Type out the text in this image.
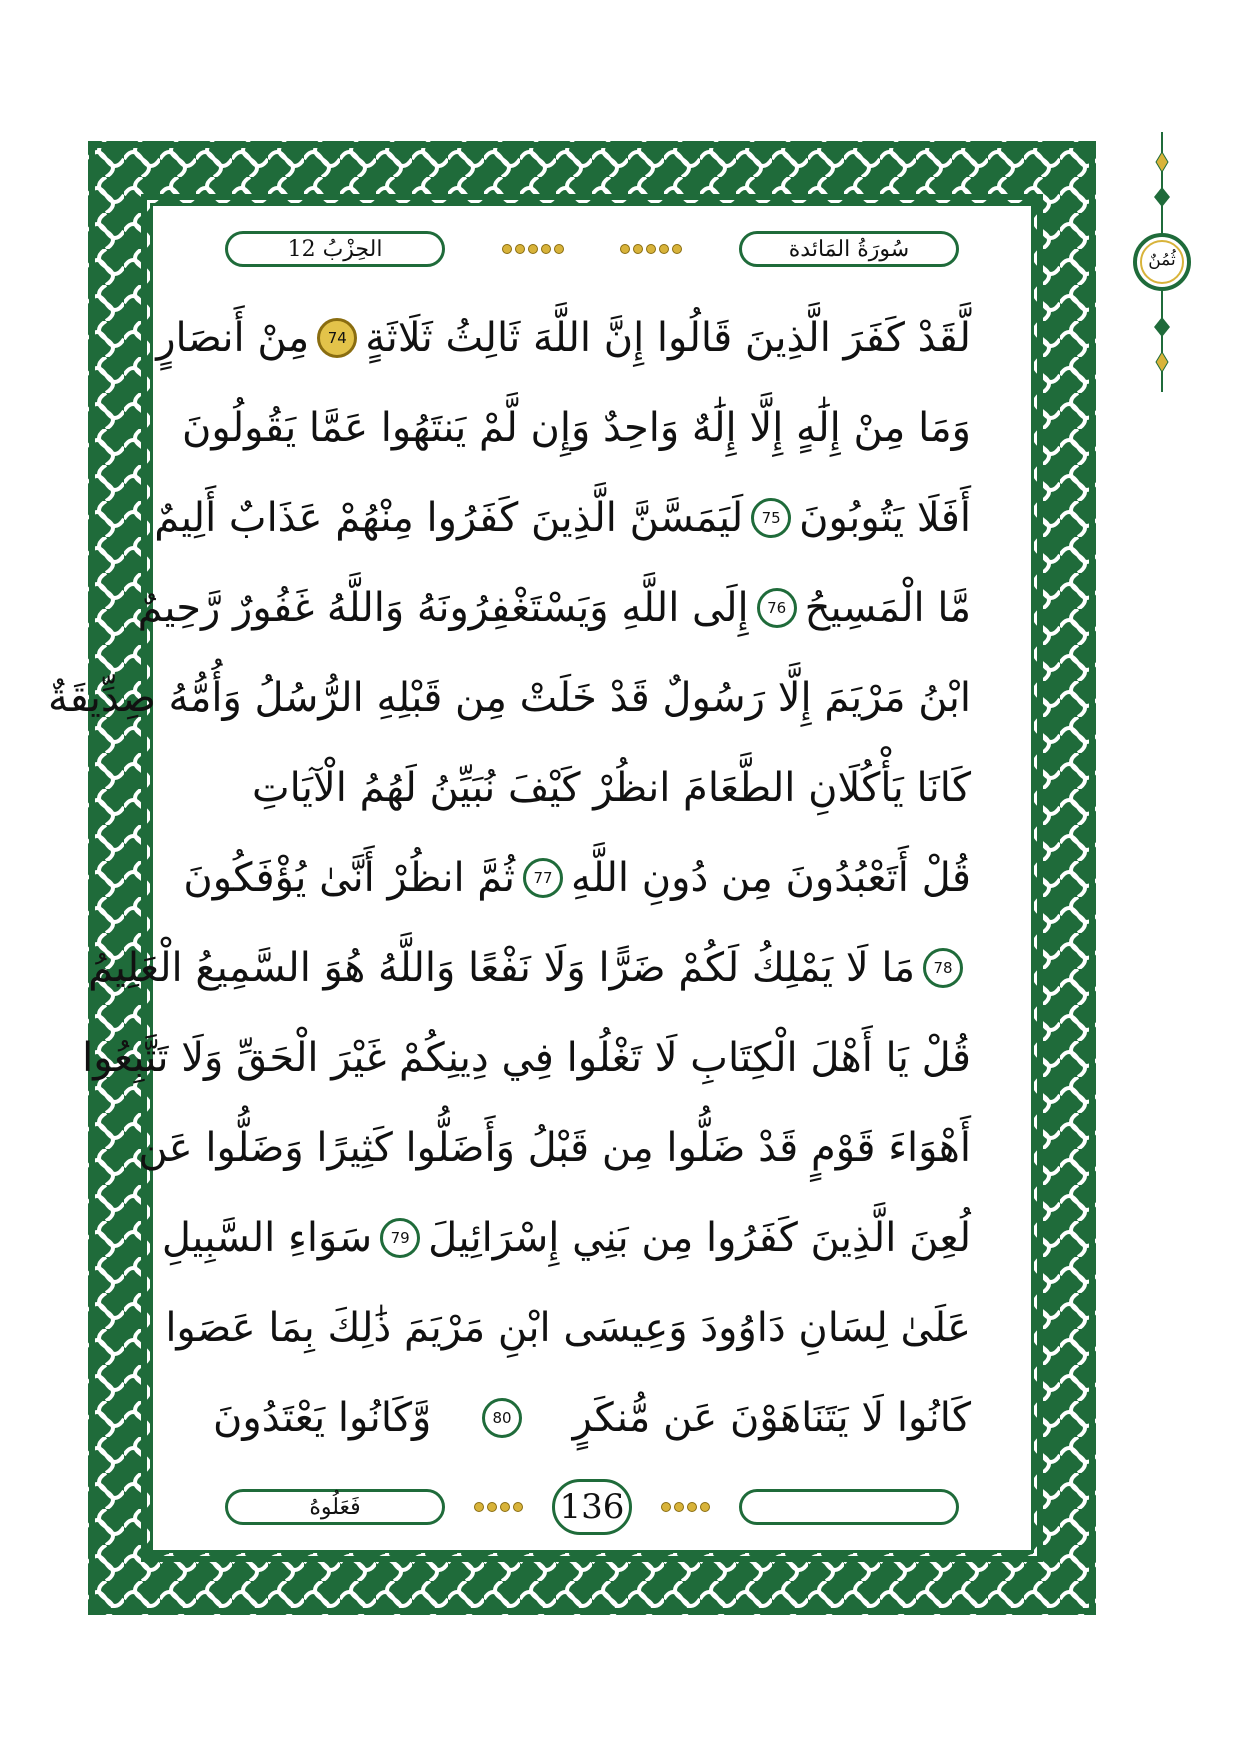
ثُمُنٌ
الحِزْبُ 12	سُورَةُ المَائدة
لَّقَدْ كَفَرَ الَّذِينَ قَالُوا إِنَّ اللَّهَ ثَالِثُ ثَلَاثَةٍ
74
مِنْ أَنصَارٍ
وَمَا مِنْ إِلَٰهٍ إِلَّا إِلَٰهٌ وَاحِدٌ وَإِن لَّمْ يَنتَهُوا عَمَّا يَقُولُونَ
أَفَلَا يَتُوبُونَ
75
لَيَمَسَّنَّ الَّذِينَ كَفَرُوا مِنْهُمْ عَذَابٌ أَلِيمٌ
مَّا الْمَسِيحُ
76
إِلَى اللَّهِ وَيَسْتَغْفِرُونَهُ وَاللَّهُ غَفُورٌ رَّحِيمٌ
ابْنُ مَرْيَمَ إِلَّا رَسُولٌ قَدْ خَلَتْ مِن قَبْلِهِ الرُّسُلُ وَأُمُّهُ صِدِّيقَةٌ
كَانَا يَأْكُلَانِ الطَّعَامَ انظُرْ كَيْفَ نُبَيِّنُ لَهُمُ الْآيَاتِ
قُلْ أَتَعْبُدُونَ مِن دُونِ اللَّهِ
77
ثُمَّ انظُرْ أَنَّىٰ يُؤْفَكُونَ
78
مَا لَا يَمْلِكُ لَكُمْ ضَرًّا وَلَا نَفْعًا وَاللَّهُ هُوَ السَّمِيعُ الْعَلِيمُ
قُلْ يَا أَهْلَ الْكِتَابِ لَا تَغْلُوا فِي دِينِكُمْ غَيْرَ الْحَقِّ وَلَا تَتَّبِعُوا
أَهْوَاءَ قَوْمٍ قَدْ ضَلُّوا مِن قَبْلُ وَأَضَلُّوا كَثِيرًا وَضَلُّوا عَن
لُعِنَ الَّذِينَ كَفَرُوا مِن بَنِي إِسْرَائِيلَ
79
سَوَاءِ السَّبِيلِ
عَلَىٰ لِسَانِ دَاوُودَ وَعِيسَى ابْنِ مَرْيَمَ ذَٰلِكَ بِمَا عَصَوا
كَانُوا لَا يَتَنَاهَوْنَ عَن مُّنكَرٍ
80
وَّكَانُوا يَعْتَدُونَ
فَعَلُوهُ	136
